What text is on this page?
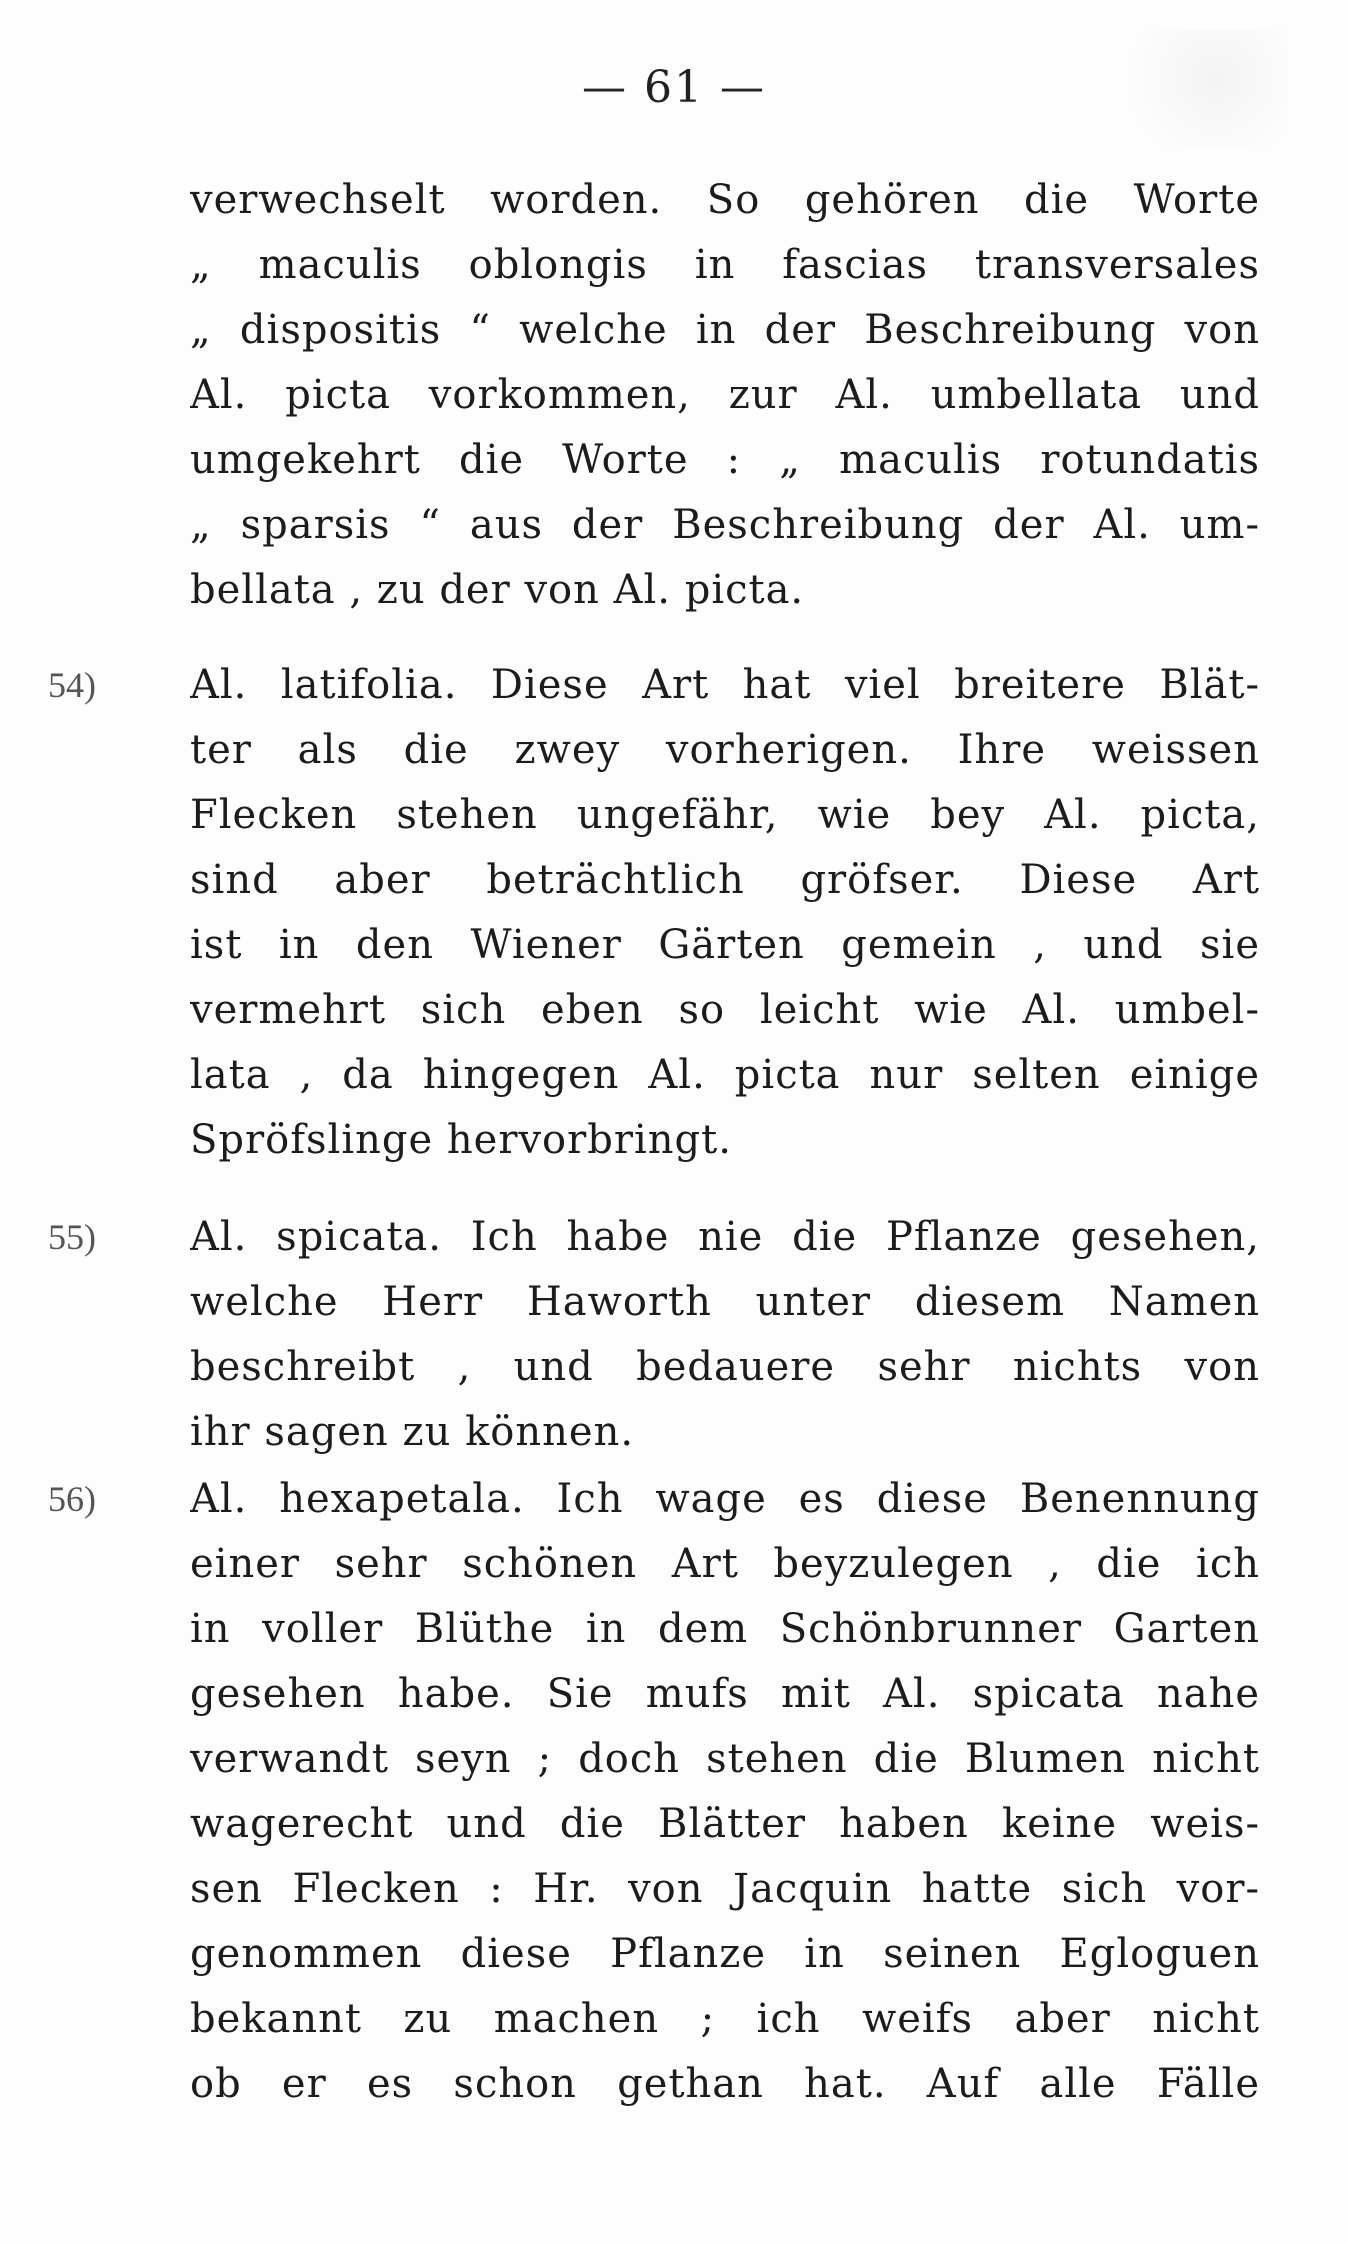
— 61 —
verwechselt worden. So gehören die Worte
„ maculis oblongis in fascias transversales
„ dispositis “ welche in der Beschreibung von
Al. picta vorkommen, zur Al. umbellata und
umgekehrt die Worte : „ maculis rotundatis
„ sparsis “ aus der Beschreibung der Al. um-
bellata , zu der von Al. picta.
54) Al. latifolia. Diese Art hat viel breitere Blät-
ter als die zwey vorherigen. Ihre weissen
Flecken stehen ungefähr, wie bey Al. picta,
sind aber beträchtlich gröfser. Diese Art
ist in den Wiener Gärten gemein , und sie
vermehrt sich eben so leicht wie Al. umbel-
lata , da hingegen Al. picta nur selten einige
Spröfslinge hervorbringt.
55) Al. spicata. Ich habe nie die Pflanze gesehen,
welche Herr Haworth unter diesem Namen
beschreibt , und bedauere sehr nichts von
ihr sagen zu können.
56) Al. hexapetala. Ich wage es diese Benennung
einer sehr schönen Art beyzulegen , die ich
in voller Blüthe in dem Schönbrunner Garten
gesehen habe. Sie mufs mit Al. spicata nahe
verwandt seyn ; doch stehen die Blumen nicht
wagerecht und die Blätter haben keine weis-
sen Flecken : Hr. von Jacquin hatte sich vor-
genommen diese Pflanze in seinen Egloguen
bekannt zu machen ; ich weifs aber nicht
ob er es schon gethan hat. Auf alle Fälle
